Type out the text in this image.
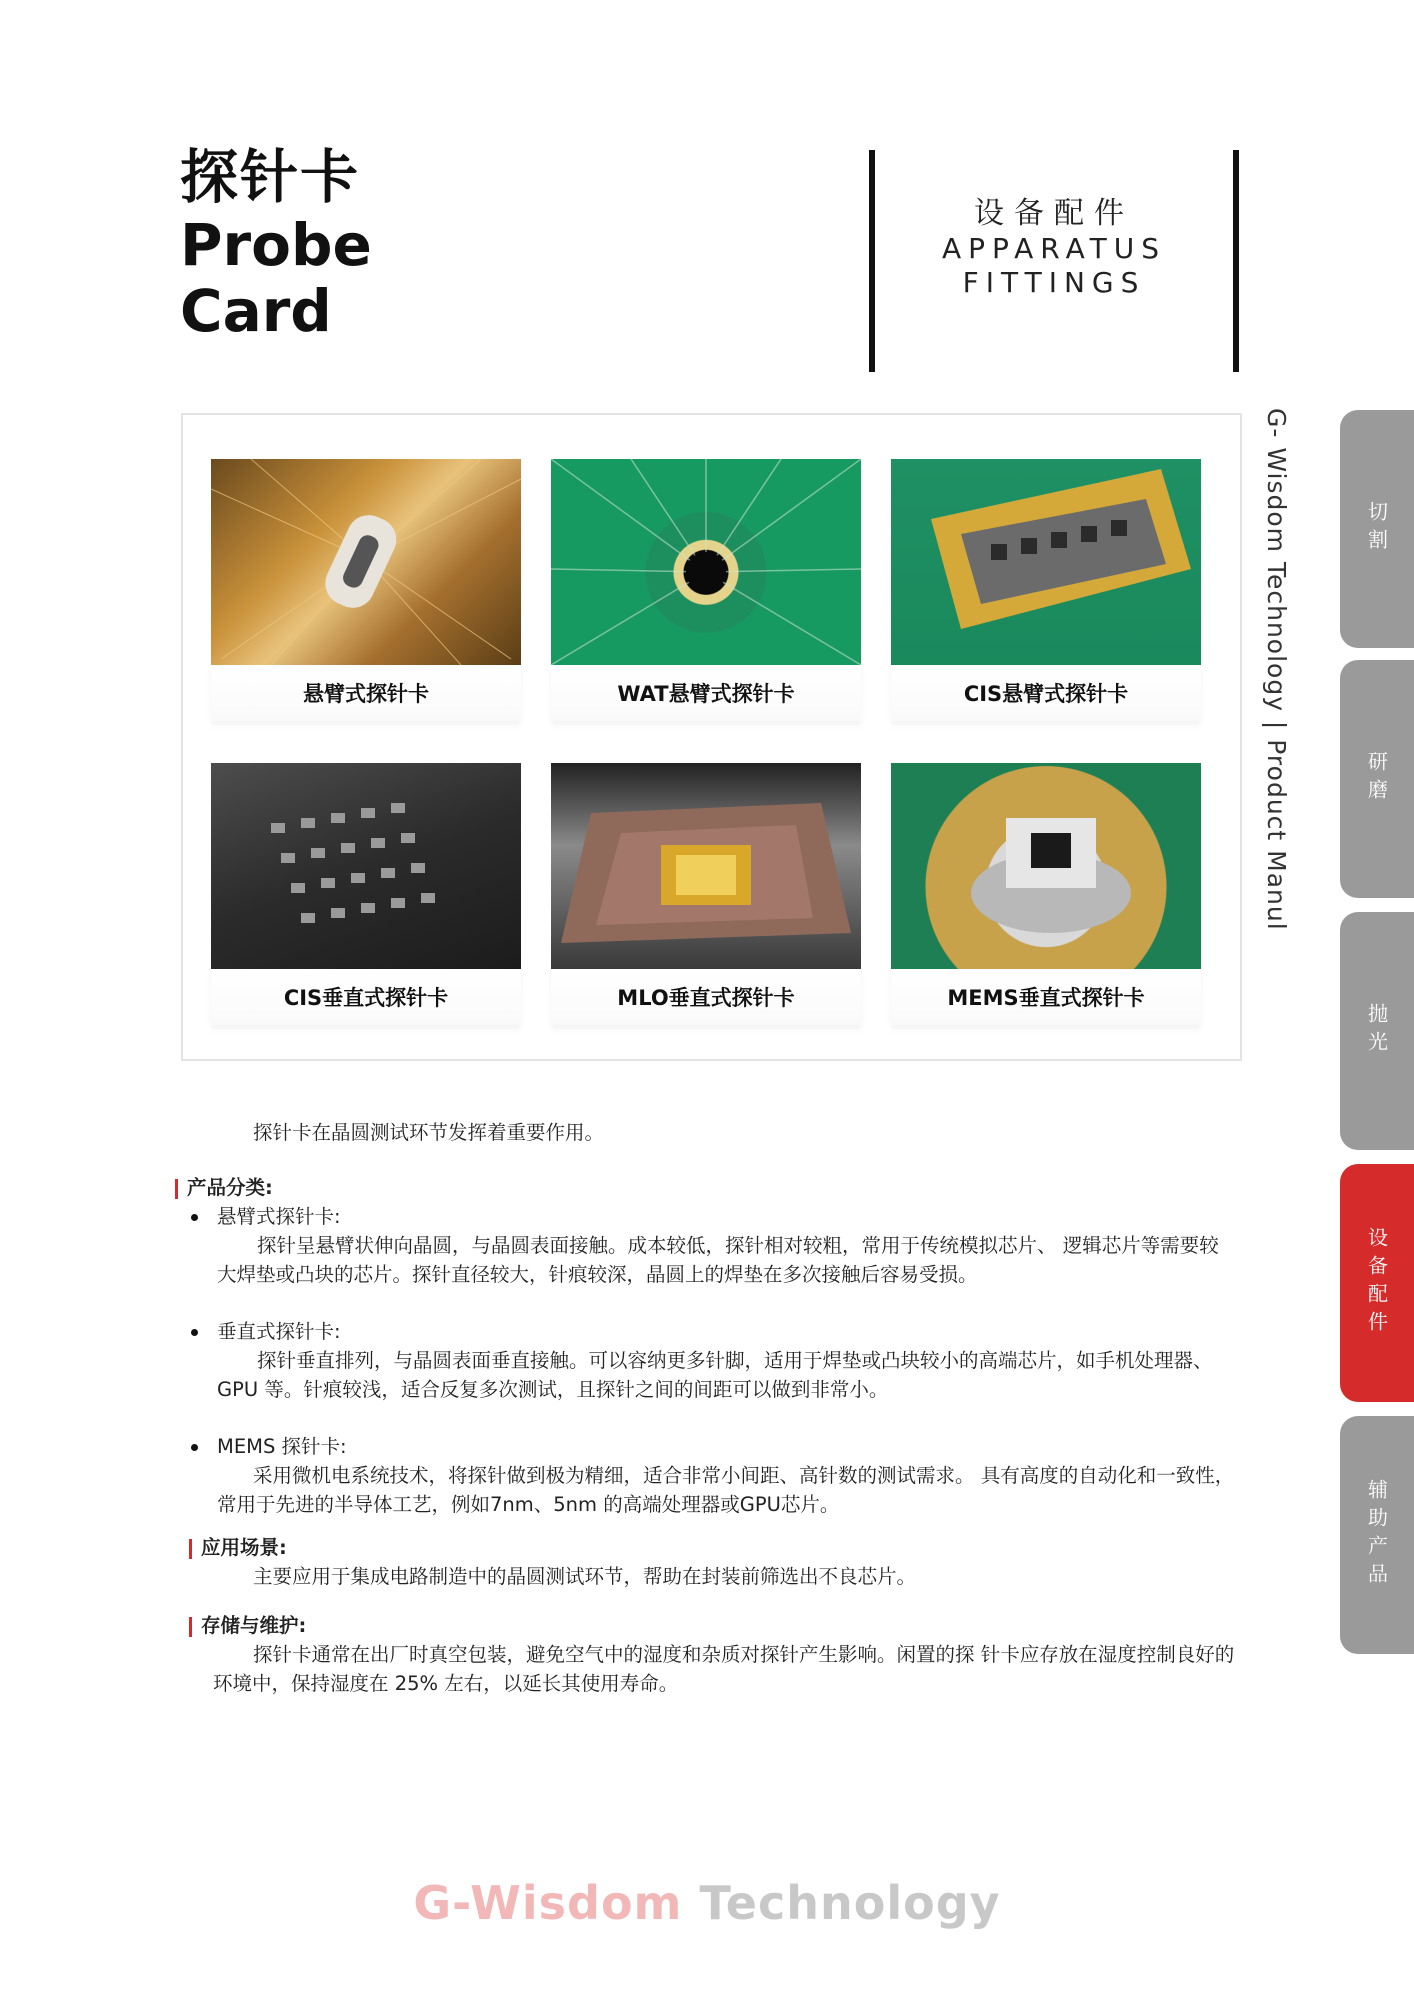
探针卡
Probe
Card
设备配件
APPARATUS
FITTINGS
G- Wisdom Technology | Product Manul	切割
研磨
抛光
设备配件
辅助产品
悬臂式探针卡	WAT悬臂式探针卡	CIS悬臂式探针卡
CIS垂直式探针卡	MLO垂直式探针卡	MEMS垂直式探针卡

探针卡在晶圆测试环节发挥着重要作用。

产品分类:

悬臂式探针卡:

探针呈悬臂状伸向晶圆，与晶圆表面接触。成本较低，探针相对较粗，常用于传统模拟芯片、 逻辑芯片等需要较大焊垫或凸块的芯片。探针直径较大，针痕较深，晶圆上的焊垫在多次接触后容易受损。

垂直式探针卡:

探针垂直排列，与晶圆表面垂直接触。可以容纳更多针脚，适用于焊垫或凸块较小的高端芯片，如手机处理器、GPU 等。针痕较浅，适合反复多次测试，且探针之间的间距可以做到非常小。

MEMS 探针卡:

采用微机电系统技术，将探针做到极为精细，适合非常小间距、高针数的测试需求。 具有高度的自动化和一致性，常用于先进的半导体工艺，例如7nm、5nm 的高端处理器或GPU芯片。

应用场景:

主要应用于集成电路制造中的晶圆测试环节，帮助在封装前筛选出不良芯片。

存储与维护:

探针卡通常在出厂时真空包装，避免空气中的湿度和杂质对探针产生影响。闲置的探 针卡应存放在湿度控制良好的环境中，保持湿度在 25% 左右，以延长其使用寿命。

G-Wisdom Technology
